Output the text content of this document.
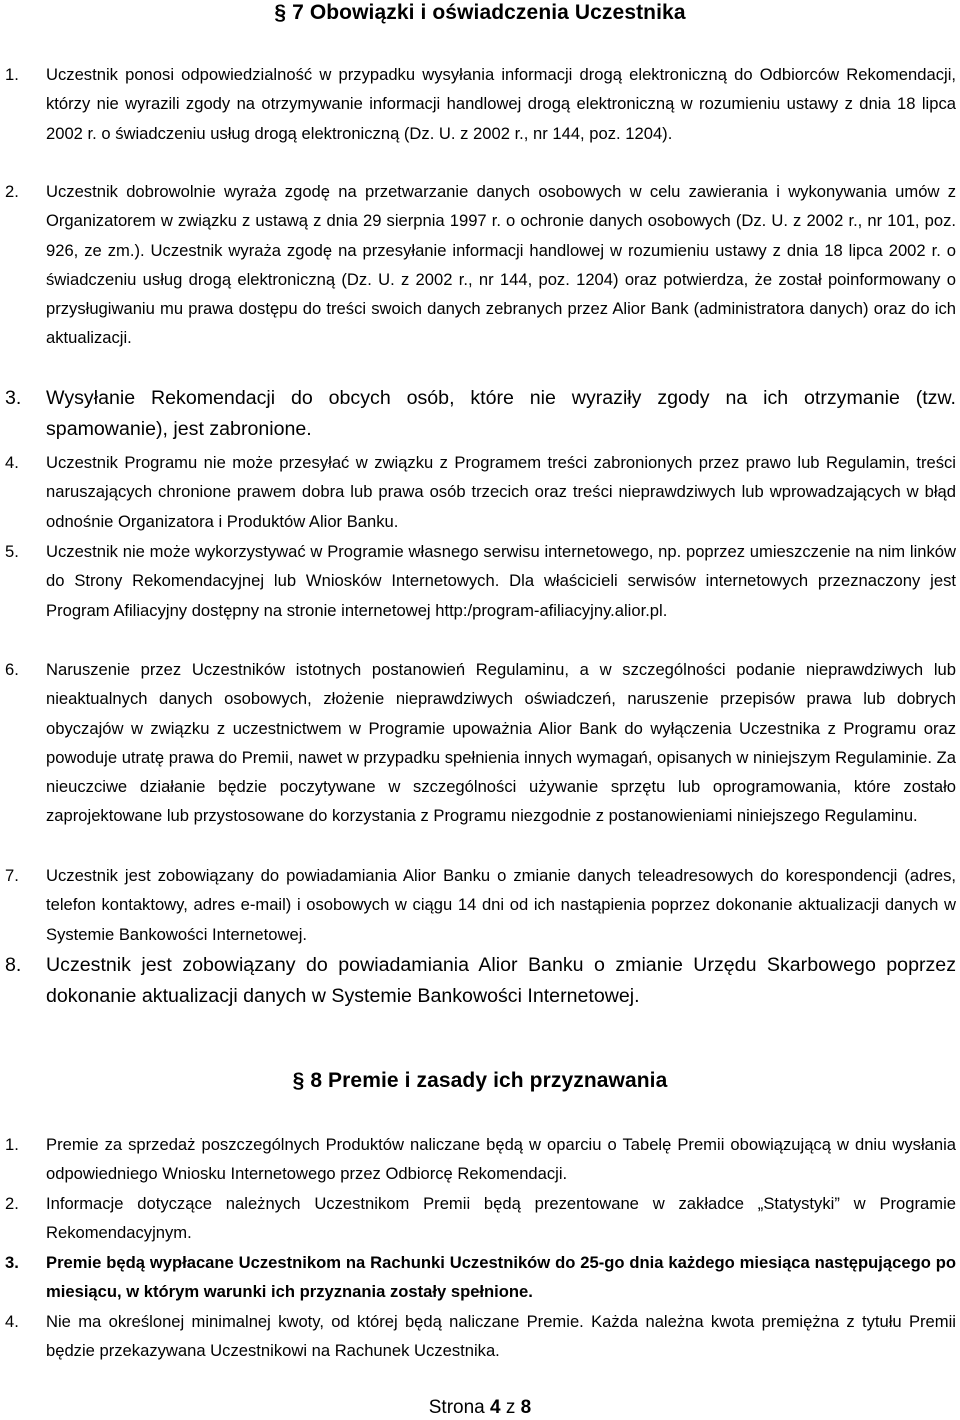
§ 7 Obowiązki i oświadczenia Uczestnika
1. Uczestnik ponosi odpowiedzialność w przypadku wysyłania informacji drogą elektroniczną do Odbiorców Rekomendacji, którzy nie wyrazili zgody na otrzymywanie informacji handlowej drogą elektroniczną w rozumieniu ustawy z dnia 18 lipca 2002 r. o świadczeniu usług drogą elektroniczną (Dz. U. z 2002 r., nr 144, poz. 1204).
2. Uczestnik dobrowolnie wyraża zgodę na przetwarzanie danych osobowych w celu zawierania i wykonywania umów z Organizatorem w związku z ustawą z dnia 29 sierpnia 1997 r. o ochronie danych osobowych (Dz. U. z 2002 r., nr 101, poz. 926, ze zm.). Uczestnik wyraża zgodę na przesyłanie informacji handlowej w rozumieniu ustawy z dnia 18 lipca 2002 r. o świadczeniu usług drogą elektroniczną (Dz. U. z 2002 r., nr 144, poz. 1204) oraz potwierdza, że został poinformowany o przysługiwaniu mu prawa dostępu do treści swoich danych zebranych przez Alior Bank (administratora danych) oraz do ich aktualizacji.
3. Wysyłanie Rekomendacji do obcych osób, które nie wyraziły zgody na ich otrzymanie (tzw. spamowanie), jest zabronione.
4. Uczestnik Programu nie może przesyłać w związku z Programem treści zabronionych przez prawo lub Regulamin, treści naruszających chronione prawem dobra lub prawa osób trzecich oraz treści nieprawdziwych lub wprowadzających w błąd odnośnie Organizatora i Produktów Alior Banku.
5. Uczestnik nie może wykorzystywać w Programie własnego serwisu internetowego, np. poprzez umieszczenie na nim linków do Strony Rekomendacyjnej lub Wniosków Internetowych. Dla właścicieli serwisów internetowych przeznaczony jest Program Afiliacyjny dostępny na stronie internetowej http:/program-afiliacyjny.alior.pl.
6. Naruszenie przez Uczestników istotnych postanowień Regulaminu, a w szczególności podanie nieprawdziwych lub nieaktualnych danych osobowych, złożenie nieprawdziwych oświadczeń, naruszenie przepisów prawa lub dobrych obyczajów w związku z uczestnictwem w Programie upoważnia Alior Bank do wyłączenia Uczestnika z Programu oraz powoduje utratę prawa do Premii, nawet w przypadku spełnienia innych wymagań, opisanych w niniejszym Regulaminie. Za nieuczciwe działanie będzie poczytywane w szczególności używanie sprzętu lub oprogramowania, które zostało zaprojektowane lub przystosowane do korzystania z Programu niezgodnie z postanowieniami niniejszego Regulaminu.
7. Uczestnik jest zobowiązany do powiadamiania Alior Banku o zmianie danych teleadresowych do korespondencji (adres, telefon kontaktowy, adres e-mail) i osobowych w ciągu 14 dni od ich nastąpienia poprzez dokonanie aktualizacji danych w Systemie Bankowości Internetowej.
8. Uczestnik jest zobowiązany do powiadamiania Alior Banku o zmianie Urzędu Skarbowego poprzez dokonanie aktualizacji danych w Systemie Bankowości Internetowej.
§ 8 Premie i zasady ich przyznawania
1. Premie za sprzedaż poszczególnych Produktów naliczane będą w oparciu o Tabelę Premii obowiązującą w dniu wysłania odpowiedniego Wniosku Internetowego przez Odbiorcę Rekomendacji.
2. Informacje dotyczące należnych Uczestnikom Premii będą prezentowane w zakładce „Statystyki” w Programie Rekomendacyjnym.
3. Premie będą wypłacane Uczestnikom na Rachunki Uczestników do 25-go dnia każdego miesiąca następującego po miesiącu, w którym warunki ich przyznania zostały spełnione.
4. Nie ma określonej minimalnej kwoty, od której będą naliczane Premie. Każda należna kwota premiężna z tytułu Premii będzie przekazywana Uczestnikowi na Rachunek Uczestnika.
Strona 4 z 8
